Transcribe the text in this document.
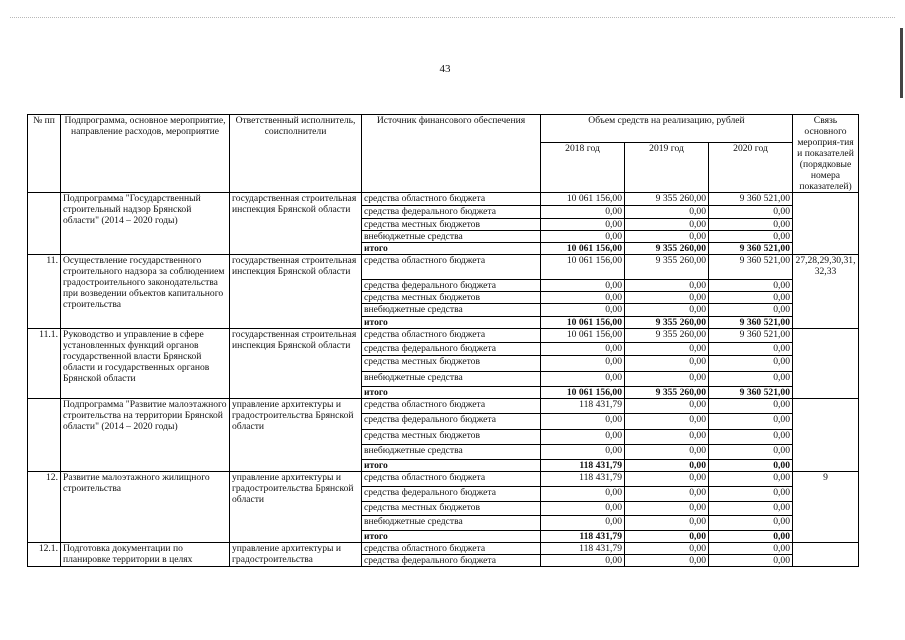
43
№ пп	Подпрограмма, основное мероприятие, направление расходов, мероприятие	Ответственный исполнитель, соисполнители	Источник финансового обеспечения	Объем средств на реализацию, рублей			Связь основного мероприя-тия и показателей (порядковые номера показателей)
				2018 год	2019 год	2020 год	
	Подпрограмма "Государственный строительный надзор Брянской области" (2014 – 2020 годы)	государственная строительная инспекция Брянской области	средства областного бюджета	10 061 156,00	9 355 260,00	9 360 521,00	
			средства федерального бюджета	0,00	0,00	0,00	
			средства местных бюджетов	0,00	0,00	0,00	
			внебюджетные средства	0,00	0,00	0,00	
			итого	10 061 156,00	9 355 260,00	9 360 521,00	
11.	Осуществление государственного строительного надзора за соблюдением градостроительного законодательства при возведении объектов капитального строительства	государственная строительная инспекция Брянской области	средства областного бюджета	10 061 156,00	9 355 260,00	9 360 521,00	27,28,29,30,31, 32,33
			средства федерального бюджета	0,00	0,00	0,00	
			средства местных бюджетов	0,00	0,00	0,00	
			внебюджетные средства	0,00	0,00	0,00	
			итого	10 061 156,00	9 355 260,00	9 360 521,00	
11.1.	Руководство и управление в сфере установленных функций органов государственной власти Брянской области и государственных органов Брянской области	государственная строительная инспекция Брянской области	средства областного бюджета	10 061 156,00	9 355 260,00	9 360 521,00	
			средства федерального бюджета	0,00	0,00	0,00	
			средства местных бюджетов	0,00	0,00	0,00	
			внебюджетные средства	0,00	0,00	0,00	
			итого	10 061 156,00	9 355 260,00	9 360 521,00	
	Подпрограмма "Развитие малоэтажного строительства на территории Брянской области" (2014 – 2020 годы)	управление архитектуры и градостроительства Брянской области	средства областного бюджета	118 431,79	0,00	0,00	
			средства федерального бюджета	0,00	0,00	0,00	
			средства местных бюджетов	0,00	0,00	0,00	
			внебюджетные средства	0,00	0,00	0,00	
			итого	118 431,79	0,00	0,00	
12.	Развитие малоэтажного жилищного строительства	управление архитектуры и градостроительства Брянской области	средства областного бюджета	118 431,79	0,00	0,00	9
			средства федерального бюджета	0,00	0,00	0,00	
			средства местных бюджетов	0,00	0,00	0,00	
			внебюджетные средства	0,00	0,00	0,00	
			итого	118 431,79	0,00	0,00	
12.1.	Подготовка документации по планировке территории в целях	управление архитектуры и градостроительства	средства областного бюджета	118 431,79	0,00	0,00	
			средства федерального бюджета	0,00	0,00	0,00	
